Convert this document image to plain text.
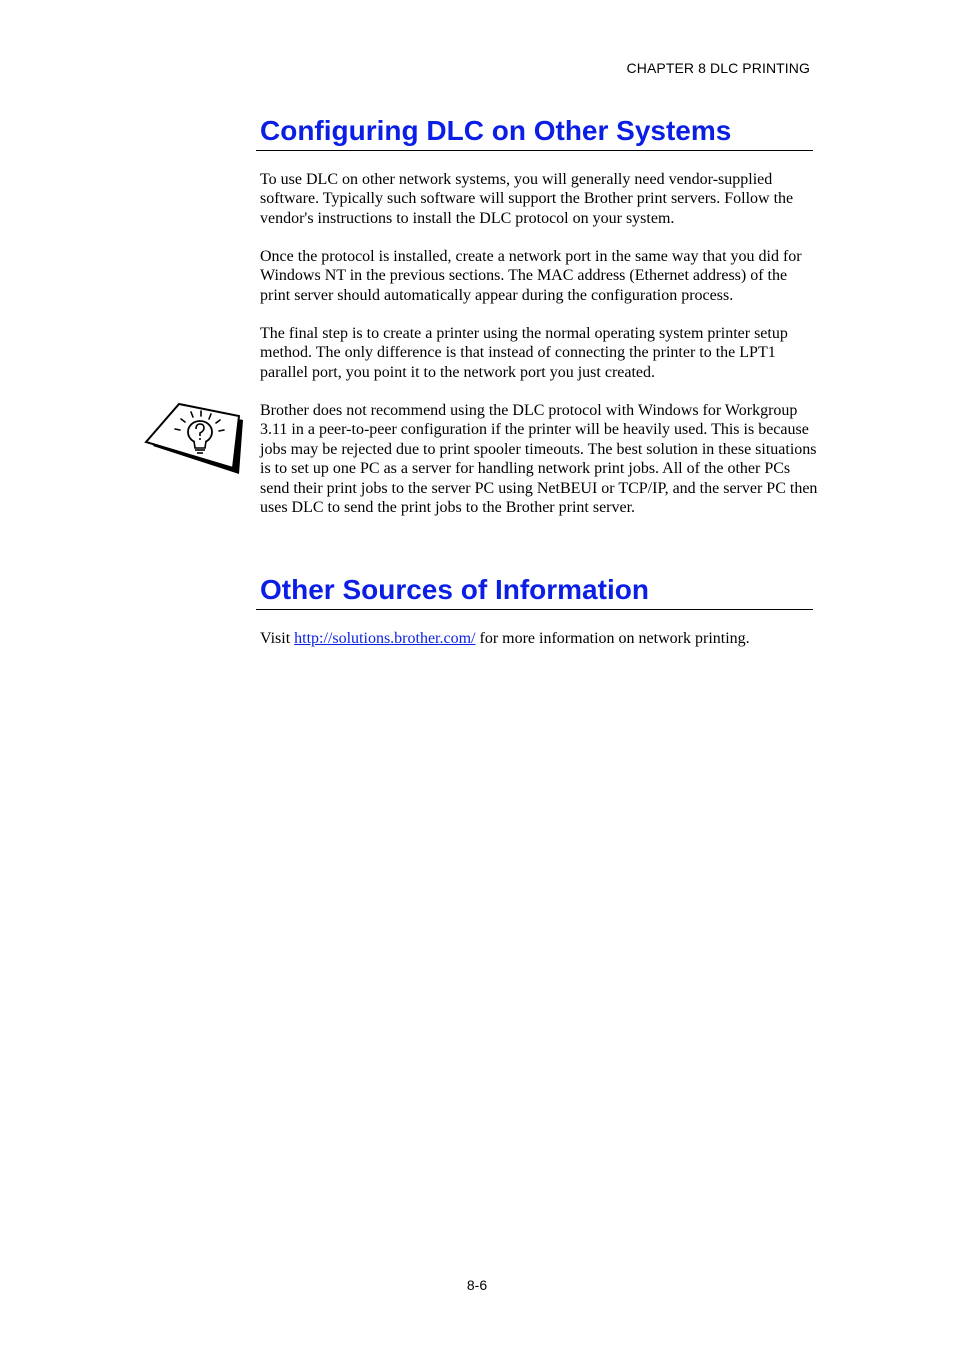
CHAPTER 8 DLC PRINTING
Configuring DLC on Other Systems

To use DLC on other network systems, you will generally need vendor-supplied software. Typically such software will support the Brother print servers. Follow the vendor's instructions to install the DLC protocol on your system.

Once the protocol is installed, create a network port in the same way that you did for Windows NT in the previous sections. The MAC address (Ethernet address) of the print server should automatically appear during the configuration process.

The final step is to create a printer using the normal operating system printer setup method. The only difference is that instead of connecting the printer to the LPT1 parallel port, you point it to the network port you just created.

Brother does not recommend using the DLC protocol with Windows for Workgroup 3.11 in a peer-to-peer configuration if the printer will be heavily used. This is because jobs may be rejected due to print spooler timeouts. The best solution in these situations is to set up one PC as a server for handling network print jobs. All of the other PCs send their print jobs to the server PC using NetBEUI or TCP/IP, and the server PC then uses DLC to send the print jobs to the Brother print server.

Other Sources of Information

Visit http://solutions.brother.com/ for more information on network printing.

8-6
